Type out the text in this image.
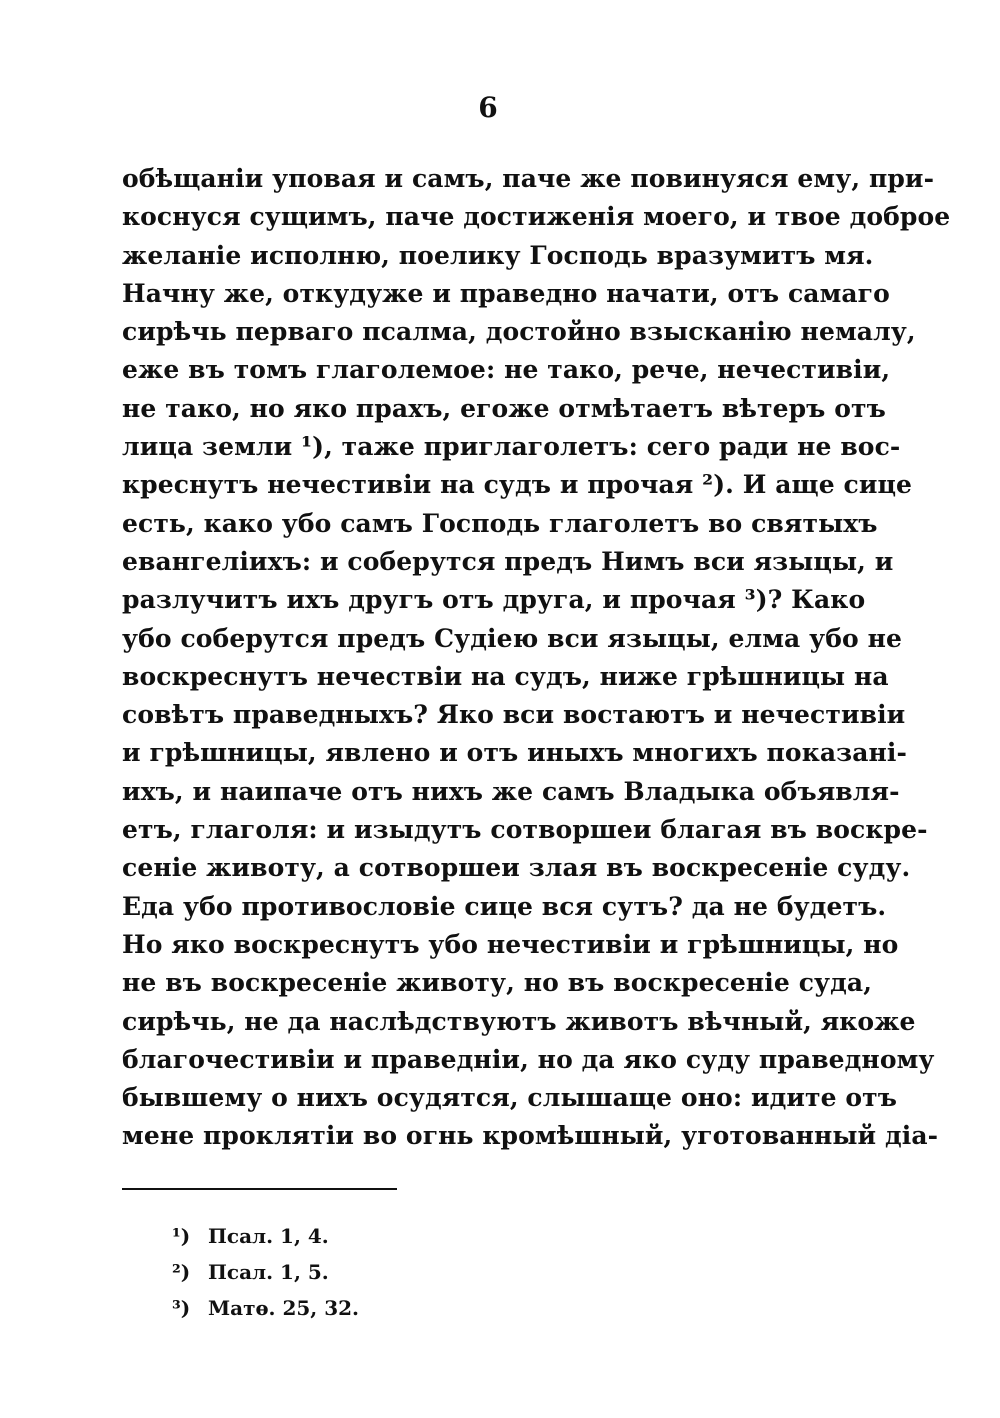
6
обѣщаніи уповая и самъ, паче же повинуяся ему, при-
коснуся сущимъ, паче достиженія моего, и твое доброе
желаніе исполню, поелику Господь вразумитъ мя.
Начну же, откудуже и праведно начати, отъ самаго
сирѣчь перваго псалма, достойно взысканію немалу,
еже въ томъ глаголемое: не тако, рече, нечестивіи,
не тако, но яко прахъ, егоже отмѣтаетъ вѣтеръ отъ
лица земли ¹), таже приглаголетъ: сего ради не вос-
креснутъ нечестивіи на судъ и прочая ²). И аще сице
есть, како убо самъ Господь глаголетъ во святыхъ
евангеліихъ: и соберутся предъ Нимъ вси языцы, и
разлучитъ ихъ другъ отъ друга, и прочая ³)? Како
убо соберутся предъ Судіею вси языцы, елма убо не
воскреснутъ нечествіи на судъ, ниже грѣшницы на
совѣтъ праведныхъ? Яко вси востаютъ и нечестивіи
и грѣшницы, явлено и отъ иныхъ многихъ показані-
ихъ, и наипаче отъ нихъ же самъ Владыка объявля-
етъ, глаголя: и изыдутъ сотворшеи благая въ воскре-
сеніе животу, а сотворшеи злая въ воскресеніе суду.
Еда убо противословіе сице вся сутъ? да не будетъ.
Но яко воскреснутъ убо нечестивіи и грѣшницы, но
не въ воскресеніе животу, но въ воскресеніе суда,
сирѣчь, не да наслѣдствуютъ животъ вѣчный, якоже
благочестивіи и праведніи, но да яко суду праведному
бывшему о нихъ осудятся, слышаще оно: идите отъ
мене проклятіи во огнь кромѣшный, уготованный діа-
¹) Псал. 1, 4.
²) Псал. 1, 5.
³) Матѳ. 25, 32.
